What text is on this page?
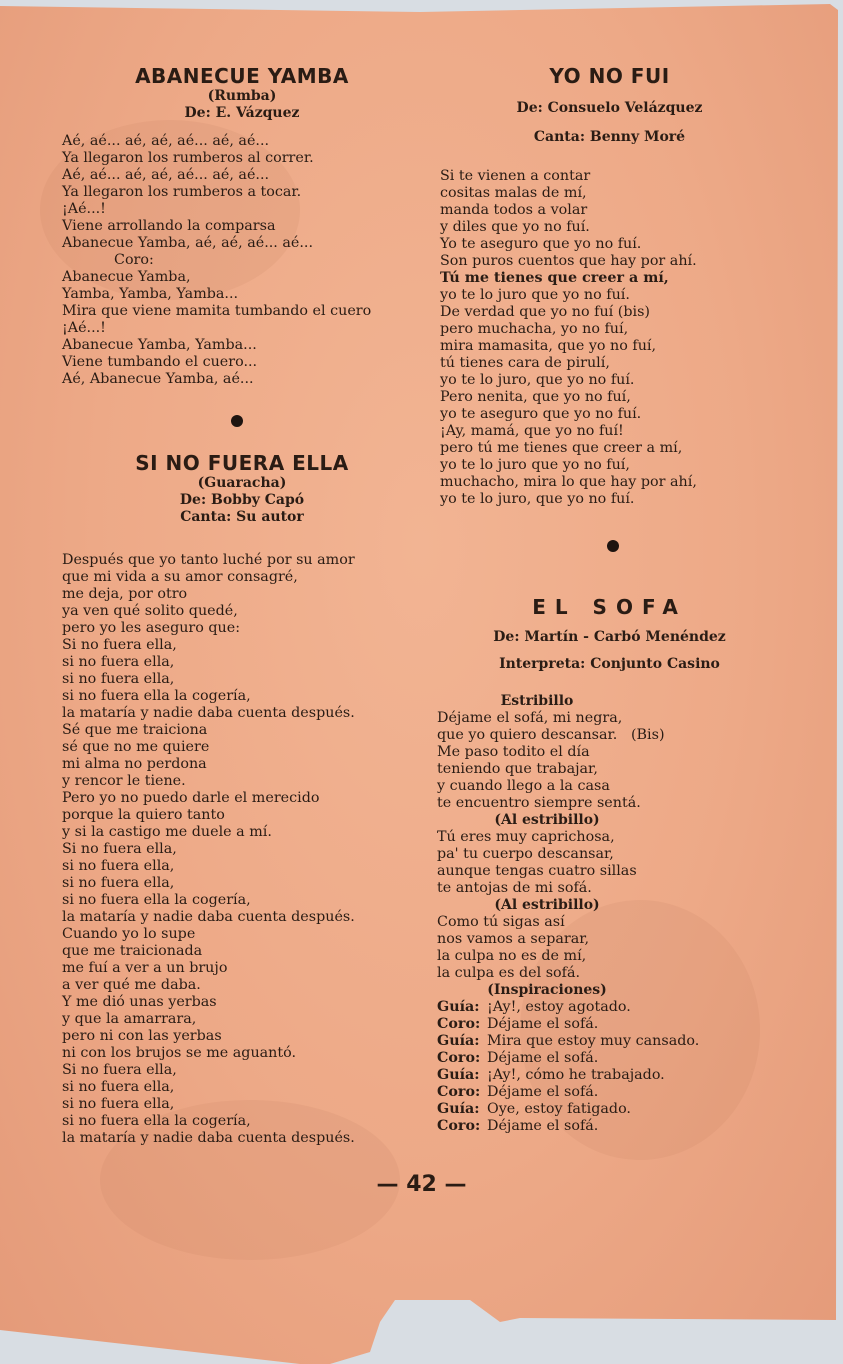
ABANECUE YAMBA
(Rumba)
De: E. Vázquez
Aé, aé... aé, aé, aé... aé, aé...
Ya llegaron los rumberos al correr.
Aé, aé... aé, aé, aé... aé, aé...
Ya llegaron los rumberos a tocar.
¡Aé...!
Viene arrollando la comparsa
Abanecue Yamba, aé, aé, aé... aé...
Coro:
Abanecue Yamba,
Yamba, Yamba, Yamba...
Mira que viene mamita tumbando el cuero
¡Aé...!
Abanecue Yamba, Yamba...
Viene tumbando el cuero...
Aé, Abanecue Yamba, aé...
SI NO FUERA ELLA
(Guaracha)
De: Bobby Capó
Canta: Su autor
Después que yo tanto luché por su amor
que mi vida a su amor consagré,
me deja, por otro
ya ven qué solito quedé,
pero yo les aseguro que:
Si no fuera ella,
si no fuera ella,
si no fuera ella,
si no fuera ella la cogería,
la mataría y nadie daba cuenta después.
Sé que me traiciona
sé que no me quiere
mi alma no perdona
y rencor le tiene.
Pero yo no puedo darle el merecido
porque la quiero tanto
y si la castigo me duele a mí.
Si no fuera ella,
si no fuera ella,
si no fuera ella,
si no fuera ella la cogería,
la mataría y nadie daba cuenta después.
Cuando yo lo supe
que me traicionada
me fuí a ver a un brujo
a ver qué me daba.
Y me dió unas yerbas
y que la amarrara,
pero ni con las yerbas
ni con los brujos se me aguantó.
Si no fuera ella,
si no fuera ella,
si no fuera ella,
si no fuera ella la cogería,
la mataría y nadie daba cuenta después.
YO NO FUI
De: Consuelo Velázquez
Canta: Benny Moré
Si te vienen a contar
cositas malas de mí,
manda todos a volar
y diles que yo no fuí.
Yo te aseguro que yo no fuí.
Son puros cuentos que hay por ahí.
Tú me tienes que creer a mí,
yo te lo juro que yo no fuí.
De verdad que yo no fuí (bis)
pero muchacha, yo no fuí,
mira mamasita, que yo no fuí,
tú tienes cara de pirulí,
yo te lo juro, que yo no fuí.
Pero nenita, que yo no fuí,
yo te aseguro que yo no fuí.
¡Ay, mamá, que yo no fuí!
pero tú me tienes que creer a mí,
yo te lo juro que yo no fuí,
muchacho, mira lo que hay por ahí,
yo te lo juro, que yo no fuí.
EL SOFA
De: Martín - Carbó Menéndez
Interpreta: Conjunto Casino
Estribillo
Déjame el sofá, mi negra,
que yo quiero descansar.   (Bis)
Me paso todito el día
teniendo que trabajar,
y cuando llego a la casa
te encuentro siempre sentá.
(Al estribillo)
Tú eres muy caprichosa,
pa' tu cuerpo descansar,
aunque tengas cuatro sillas
te antojas de mi sofá.
(Al estribillo)
Como tú sigas así
nos vamos a separar,
la culpa no es de mí,
la culpa es del sofá.
(Inspiraciones)
Guía: ¡Ay!, estoy agotado.
Coro: Déjame el sofá.
Guía: Mira que estoy muy cansado.
Coro: Déjame el sofá.
Guía: ¡Ay!, cómo he trabajado.
Coro: Déjame el sofá.
Guía: Oye, estoy fatigado.
Coro: Déjame el sofá.
— 42 —
